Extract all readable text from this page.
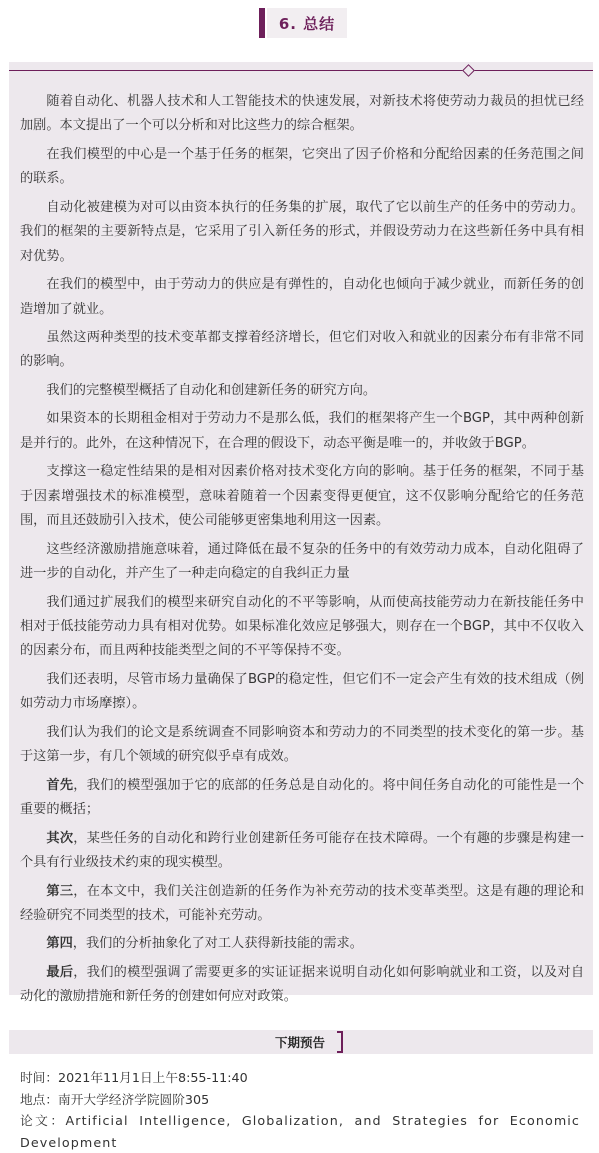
6. 总结

随着自动化、机器人技术和人工智能技术的快速发展，对新技术将使劳动力裁员的担忧已经加剧。本文提出了一个可以分析和对比这些力的综合框架。

在我们模型的中心是一个基于任务的框架，它突出了因子价格和分配给因素的任务范围之间的联系。

自动化被建模为对可以由资本执行的任务集的扩展，取代了它以前生产的任务中的劳动力。我们的框架的主要新特点是，它采用了引入新任务的形式，并假设劳动力在这些新任务中具有相对优势。

在我们的模型中，由于劳动力的供应是有弹性的，自动化也倾向于减少就业，而新任务的创造增加了就业。

虽然这两种类型的技术变革都支撑着经济增长，但它们对收入和就业的因素分布有非常不同的影响。

我们的完整模型概括了自动化和创建新任务的研究方向。

如果资本的长期租金相对于劳动力不是那么低，我们的框架将产生一个BGP，其中两种创新是并行的。此外，在这种情况下，在合理的假设下，动态平衡是唯一的，并收敛于BGP。

支撑这一稳定性结果的是相对因素价格对技术变化方向的影响。基于任务的框架，不同于基于因素增强技术的标准模型，意味着随着一个因素变得更便宜，这不仅影响分配给它的任务范围，而且还鼓励引入技术，使公司能够更密集地利用这一因素。

这些经济激励措施意味着，通过降低在最不复杂的任务中的有效劳动力成本，自动化阻碍了进一步的自动化，并产生了一种走向稳定的自我纠正力量

我们通过扩展我们的模型来研究自动化的不平等影响，从而使高技能劳动力在新技能任务中相对于低技能劳动力具有相对优势。如果标准化效应足够强大，则存在一个BGP，其中不仅收入的因素分布，而且两种技能类型之间的不平等保持不变。

我们还表明，尽管市场力量确保了BGP的稳定性，但它们不一定会产生有效的技术组成（例如劳动力市场摩擦）。

我们认为我们的论文是系统调查不同影响资本和劳动力的不同类型的技术变化的第一步。基于这第一步，有几个领域的研究似乎卓有成效。

首先，我们的模型强加于它的底部的任务总是自动化的。将中间任务自动化的可能性是一个重要的概括；

其次，某些任务的自动化和跨行业创建新任务可能存在技术障碍。一个有趣的步骤是构建一个具有行业级技术约束的现实模型。

第三，在本文中，我们关注创造新的任务作为补充劳动的技术变革类型。这是有趣的理论和经验研究不同类型的技术，可能补充劳动。

第四，我们的分析抽象化了对工人获得新技能的需求。

最后，我们的模型强调了需要更多的实证证据来说明自动化如何影响就业和工资，以及对自动化的激励措施和新任务的创建如何应对政策。

下期预告
时间：2021年11月1日上午8:55-11:40
地点：南开大学经济学院圆阶305
论文：Artificial Intelligence, Globalization, and Strategies for Economic Development
